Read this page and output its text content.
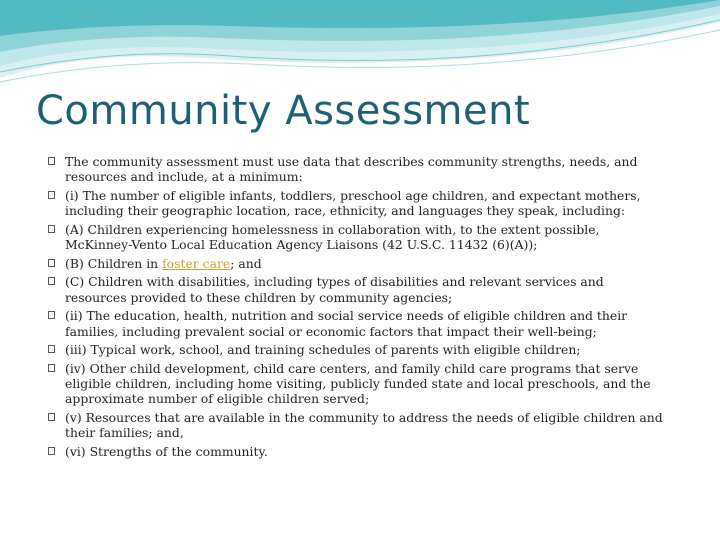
Community Assessment
The community assessment must use data that describes community strengths, needs, and resources and include, at a minimum:
(i) The number of eligible infants, toddlers, preschool age children, and expectant mothers, including their geographic location, race, ethnicity, and languages they speak, including:
(A) Children experiencing homelessness in collaboration with, to the extent possible, McKinney-Vento Local Education Agency Liaisons (42 U.S.C. 11432 (6)(A));
(B) Children in foster care; and
(C) Children with disabilities, including types of disabilities and relevant services and resources provided to these children by community agencies;
(ii) The education, health, nutrition and social service needs of eligible children and their families, including prevalent social or economic factors that impact their well-being;
(iii) Typical work, school, and training schedules of parents with eligible children;
(iv) Other child development, child care centers, and family child care programs that serve eligible children, including home visiting, publicly funded state and local preschools, and the approximate number of eligible children served;
(v) Resources that are available in the community to address the needs of eligible children and their families; and,
(vi) Strengths of the community.
